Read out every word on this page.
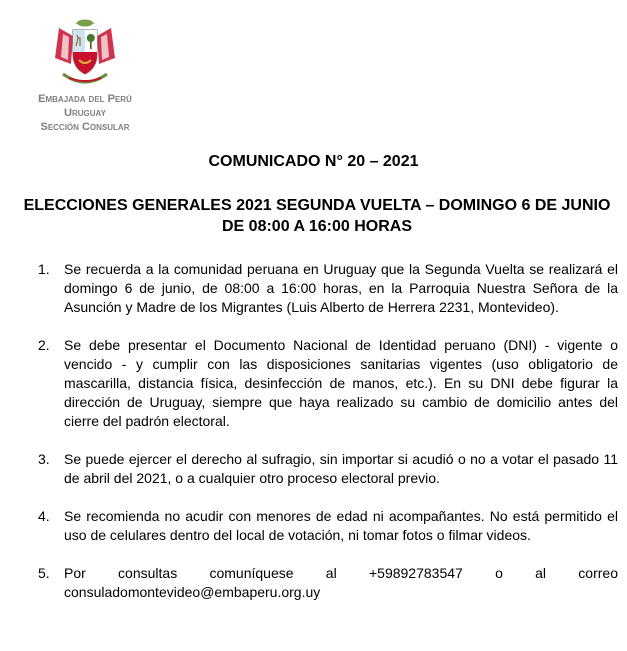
Embajada del Perú
Uruguay
Sección Consular
COMUNICADO N° 20 – 2021
ELECCIONES GENERALES 2021 SEGUNDA VUELTA – DOMINGO 6 DE JUNIO DE 08:00 A 16:00 HORAS
1. Se recuerda a la comunidad peruana en Uruguay que la Segunda Vuelta se realizará el domingo 6 de junio, de 08:00 a 16:00 horas, en la Parroquia Nuestra Señora de la Asunción y Madre de los Migrantes (Luis Alberto de Herrera 2231, Montevideo).
2. Se debe presentar el Documento Nacional de Identidad peruano (DNI) - vigente o vencido - y cumplir con las disposiciones sanitarias vigentes (uso obligatorio de mascarilla, distancia física, desinfección de manos, etc.). En su DNI debe figurar la dirección de Uruguay, siempre que haya realizado su cambio de domicilio antes del cierre del padrón electoral.
3. Se puede ejercer el derecho al sufragio, sin importar si acudió o no a votar el pasado 11 de abril del 2021, o a cualquier otro proceso electoral previo.
4. Se recomienda no acudir con menores de edad ni acompañantes. No está permitido el uso de celulares dentro del local de votación, ni tomar fotos o filmar videos.
5. Por consultas comuníquese al +59892783547 o al correo consuladomontevideo@embaperu.org.uy
